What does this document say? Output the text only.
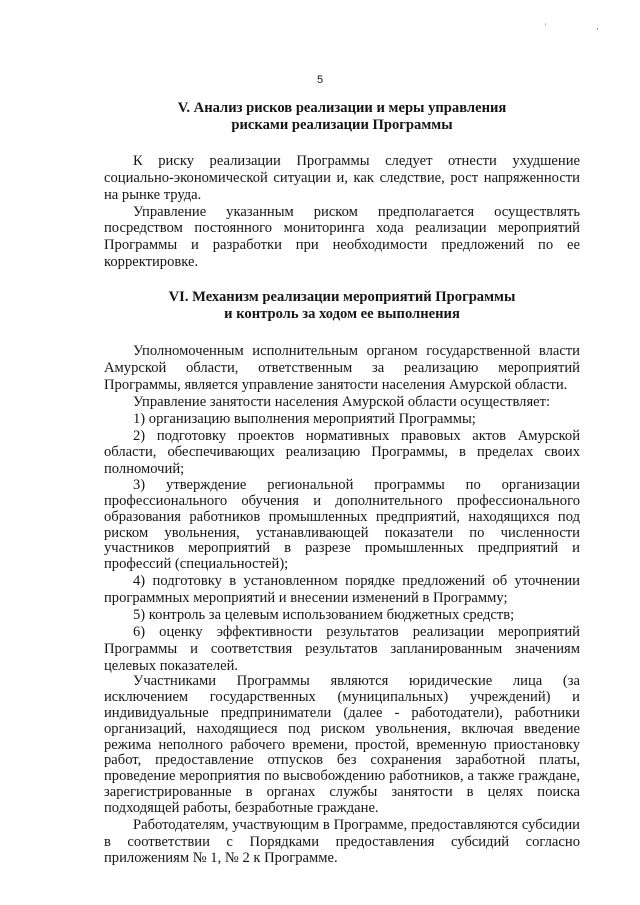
' ,
5
V. Анализ рисков реализации и меры управления
рисками реализации Программы

К риску реализации Программы следует отнести ухудшение социально-экономической ситуации и, как следствие, рост напряженности на рынке труда.

Управление указанным риском предполагается осуществлять посредством постоянного мониторинга хода реализации мероприятий Программы и разработки при необходимости предложений по ее корректировке.

VI. Механизм реализации мероприятий Программы
и контроль за ходом ее выполнения

Уполномоченным исполнительным органом государственной власти Амурской области, ответственным за реализацию мероприятий Программы, является управление занятости населения Амурской области.

Управление занятости населения Амурской области осуществляет:

1) организацию выполнения мероприятий Программы;

2) подготовку проектов нормативных правовых актов Амурской области, обеспечивающих реализацию Программы, в пределах своих полномочий;

3) утверждение региональной программы по организации профессионального обучения и дополнительного профессионального образования работников промышленных предприятий, находящихся под риском увольнения, устанавливающей показатели по численности участников мероприятий в разрезе промышленных предприятий и профессий (специальностей);

4) подготовку в установленном порядке предложений об уточнении программных мероприятий и внесении изменений в Программу;

5) контроль за целевым использованием бюджетных средств;

6) оценку эффективности результатов реализации мероприятий Программы и соответствия результатов запланированным значениям целевых показателей.

Участниками Программы являются юридические лица (за исключением государственных (муниципальных) учреждений) и индивидуальные предприниматели (далее - работодатели), работники организаций, находящиеся под риском увольнения, включая введение режима неполного рабочего времени, простой, временную приостановку работ, предоставление отпусков без сохранения заработной платы, проведение мероприятия по высвобождению работников, а также граждане, зарегистрированные в органах службы занятости в целях поиска подходящей работы, безработные граждане.

Работодателям, участвующим в Программе, предоставляются субсидии в соответствии с Порядками предоставления субсидий согласно приложениям № 1, № 2 к Программе.
